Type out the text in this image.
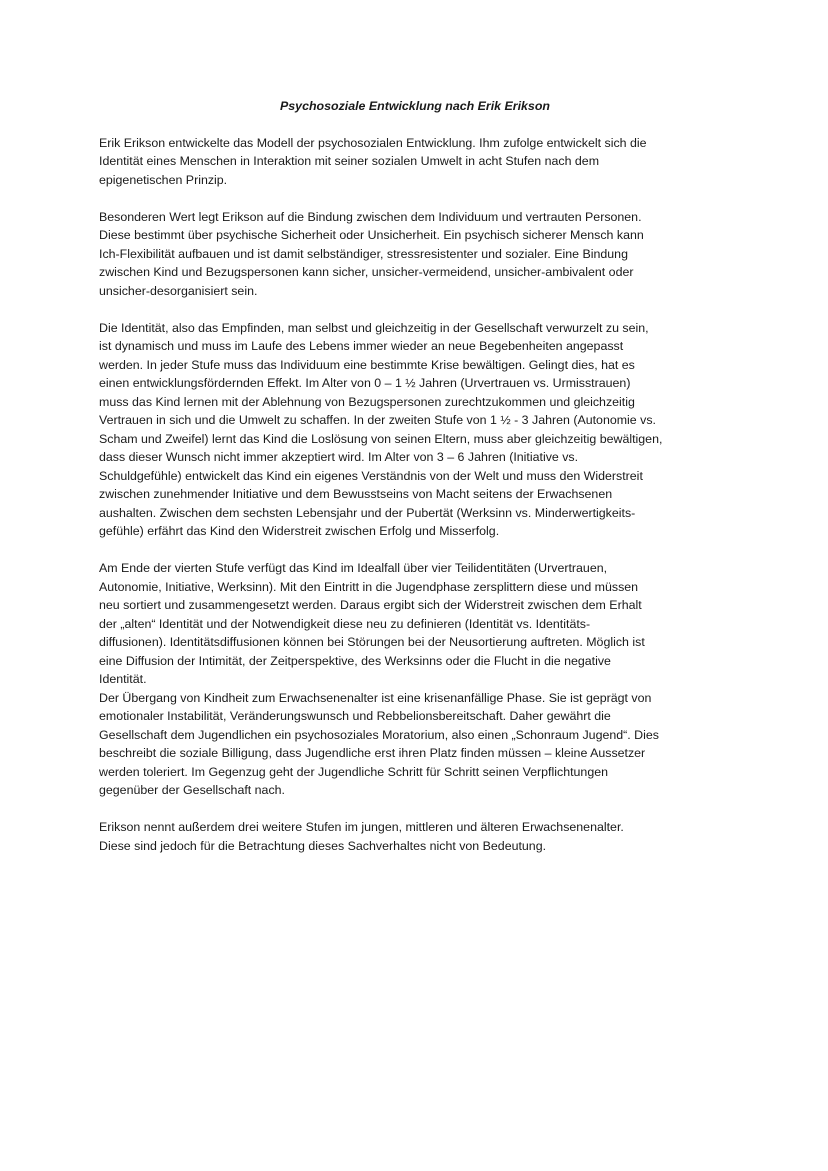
Psychosoziale Entwicklung nach Erik Erikson

Erik Erikson entwickelte das Modell der psychosozialen Entwicklung. Ihm zufolge entwickelt sich die
Identität eines Menschen in Interaktion mit seiner sozialen Umwelt in acht Stufen nach dem
epigenetischen Prinzip.

Besonderen Wert legt Erikson auf die Bindung zwischen dem Individuum und vertrauten Personen.
Diese bestimmt über psychische Sicherheit oder Unsicherheit. Ein psychisch sicherer Mensch kann
Ich-Flexibilität aufbauen und ist damit selbständiger, stressresistenter und sozialer. Eine Bindung
zwischen Kind und Bezugspersonen kann sicher, unsicher-vermeidend, unsicher-ambivalent oder
unsicher-desorganisiert sein.

Die Identität, also das Empfinden, man selbst und gleichzeitig in der Gesellschaft verwurzelt zu sein,
ist dynamisch und muss im Laufe des Lebens immer wieder an neue Begebenheiten angepasst
werden. In jeder Stufe muss das Individuum eine bestimmte Krise bewältigen. Gelingt dies, hat es
einen entwicklungsfördernden Effekt. Im Alter von 0 – 1 ½ Jahren (Urvertrauen vs. Urmisstrauen)
muss das Kind lernen mit der Ablehnung von Bezugspersonen zurechtzukommen und gleichzeitig
Vertrauen in sich und die Umwelt zu schaffen. In der zweiten Stufe von 1 ½ - 3 Jahren (Autonomie vs.
Scham und Zweifel) lernt das Kind die Loslösung von seinen Eltern, muss aber gleichzeitig bewältigen,
dass dieser Wunsch nicht immer akzeptiert wird. Im Alter von 3 – 6 Jahren (Initiative vs.
Schuldgefühle) entwickelt das Kind ein eigenes Verständnis von der Welt und muss den Widerstreit
zwischen zunehmender Initiative und dem Bewusstseins von Macht seitens der Erwachsenen
aushalten. Zwischen dem sechsten Lebensjahr und der Pubertät (Werksinn vs. Minderwertigkeits-
gefühle) erfährt das Kind den Widerstreit zwischen Erfolg und Misserfolg.

Am Ende der vierten Stufe verfügt das Kind im Idealfall über vier Teilidentitäten (Urvertrauen,
Autonomie, Initiative, Werksinn). Mit den Eintritt in die Jugendphase zersplittern diese und müssen
neu sortiert und zusammengesetzt werden. Daraus ergibt sich der Widerstreit zwischen dem Erhalt
der „alten“ Identität und der Notwendigkeit diese neu zu definieren (Identität vs. Identitäts-
diffusionen). Identitätsdiffusionen können bei Störungen bei der Neusortierung auftreten. Möglich ist
eine Diffusion der Intimität, der Zeitperspektive, des Werksinns oder die Flucht in die negative
Identität.

Der Übergang von Kindheit zum Erwachsenenalter ist eine krisenanfällige Phase. Sie ist geprägt von
emotionaler Instabilität, Veränderungswunsch und Rebbelionsbereitschaft. Daher gewährt die
Gesellschaft dem Jugendlichen ein psychosoziales Moratorium, also einen „Schonraum Jugend“. Dies
beschreibt die soziale Billigung, dass Jugendliche erst ihren Platz finden müssen – kleine Aussetzer
werden toleriert. Im Gegenzug geht der Jugendliche Schritt für Schritt seinen Verpflichtungen
gegenüber der Gesellschaft nach.

Erikson nennt außerdem drei weitere Stufen im jungen, mittleren und älteren Erwachsenenalter.
Diese sind jedoch für die Betrachtung dieses Sachverhaltes nicht von Bedeutung.
